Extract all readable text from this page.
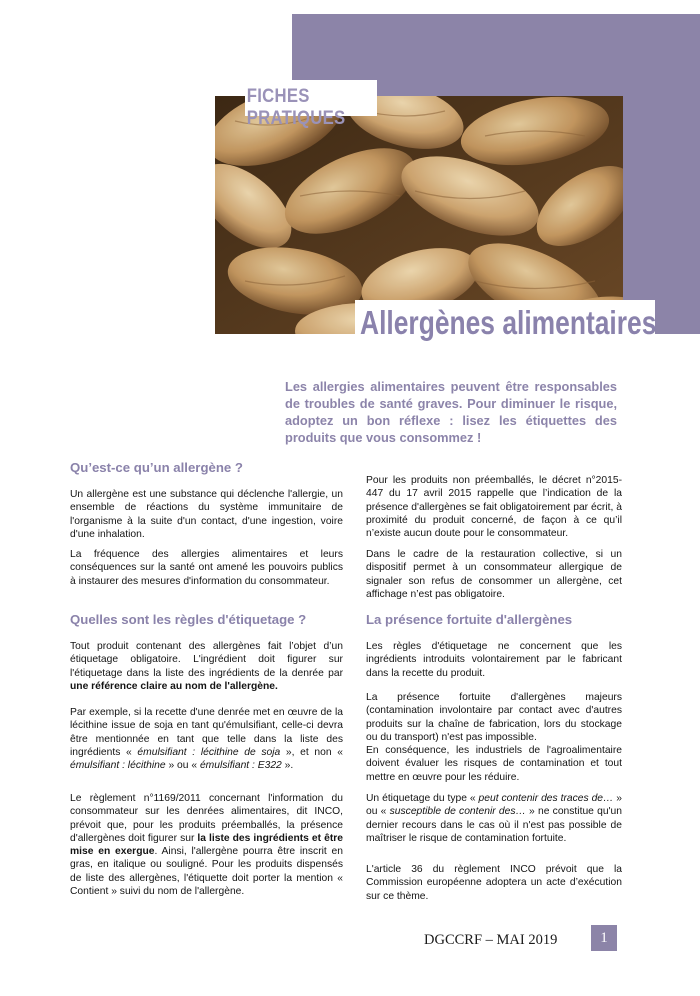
FICHES PRATIQUES
Allergènes alimentaires
Les allergies alimentaires peuvent être responsables de troubles de santé graves. Pour diminuer le risque, adoptez un bon réflexe : lisez les étiquettes des produits que vous consommez !
Qu’est-ce qu’un allergène ?

Un allergène est une substance qui déclenche l'allergie, un ensemble de réactions du système immunitaire de l'organisme à la suite d'un contact, d'une ingestion, voire d'une inhalation.

La fréquence des allergies alimentaires et leurs conséquences sur la santé ont amené les pouvoirs publics à instaurer des mesures d'information du consommateur.

Quelles sont les règles d'étiquetage ?

Tout produit contenant des allergènes fait l’objet d’un étiquetage obligatoire. L'ingrédient doit figurer sur l'étiquetage dans la liste des ingrédients de la denrée par une référence claire au nom de l'allergène.

Par exemple, si la recette d'une denrée met en œuvre de la lécithine issue de soja en tant qu'émulsifiant, celle-ci devra être mentionnée en tant que telle dans la liste des ingrédients « émulsifiant : lécithine de soja », et non « émulsifiant : lécithine » ou « émulsifiant : E322 ».

Le règlement n°1169/2011 concernant l'information du consommateur sur les denrées alimentaires, dit INCO, prévoit que, pour les produits préemballés, la présence d'allergènes doit figurer sur la liste des ingrédients et être mise en exergue. Ainsi, l'allergène pourra être inscrit en gras, en italique ou souligné. Pour les produits dispensés de liste des allergènes, l'étiquette doit porter la mention « Contient » suivi du nom de l'allergène.

Pour les produits non préemballés, le décret n°2015-447 du 17 avril 2015 rappelle que l’indication de la présence d'allergènes se fait obligatoirement par écrit, à proximité du produit concerné, de façon à ce qu’il n’existe aucun doute pour le consommateur.

Dans le cadre de la restauration collective, si un dispositif permet à un consommateur allergique de signaler son refus de consommer un allergène, cet affichage n’est pas obligatoire.

La présence fortuite d'allergènes

Les règles d'étiquetage ne concernent que les ingrédients introduits volontairement par le fabricant dans la recette du produit.

La présence fortuite d'allergènes majeurs (contamination involontaire par contact avec d'autres produits sur la chaîne de fabrication, lors du stockage ou du transport) n'est pas impossible.

En conséquence, les industriels de l'agroalimentaire doivent évaluer les risques de contamination et tout mettre en œuvre pour les réduire.

Un étiquetage du type « peut contenir des traces de… » ou « susceptible de contenir des… » ne constitue qu'un dernier recours dans le cas où il n'est pas possible de maîtriser le risque de contamination fortuite.

L'article 36 du règlement INCO prévoit que la Commission européenne adoptera un acte d’exécution sur ce thème.

DGCCRF – MAI 2019	1
